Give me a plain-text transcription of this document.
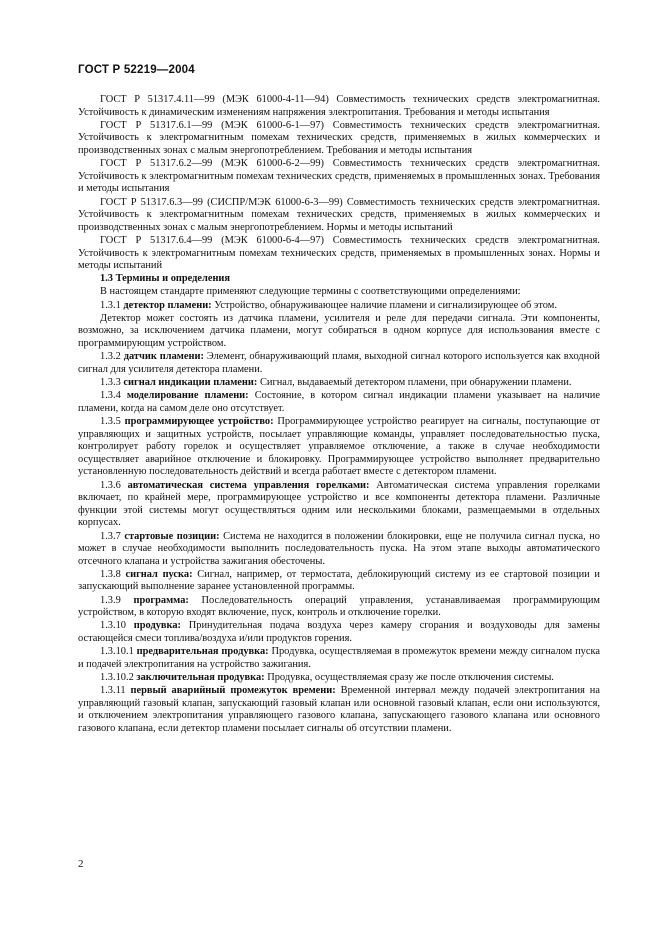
ГОСТ Р 52219—2004

ГОСТ Р 51317.4.11—99 (МЭК 61000-4-11—94) Совместимость технических средств электромагнитная. Устойчивость к динамическим изменениям напряжения электропитания. Требования и методы испытания

ГОСТ Р 51317.6.1—99 (МЭК 61000-6-1—97) Совместимость технических средств электромагнитная. Устойчивость к электромагнитным помехам технических средств, применяемых в жилых коммерческих и производственных зонах с малым энергопотреблением. Требования и методы испытания

ГОСТ Р 51317.6.2—99 (МЭК 61000-6-2—99) Совместимость технических средств электромагнитная. Устойчивость к электромагнитным помехам технических средств, применяемых в промышленных зонах. Требования и методы испытания

ГОСТ Р 51317.6.3—99 (СИСПР/МЭК 61000-6-3—99) Совместимость технических средств электромагнитная. Устойчивость к электромагнитным помехам технических средств, применяемых в жилых коммерческих и производственных зонах с малым энергопотреблением. Нормы и методы испытаний

ГОСТ Р 51317.6.4—99 (МЭК 61000-6-4—97) Совместимость технических средств электромагнитная. Устойчивость к электромагнитным помехам технических средств, применяемых в промышленных зонах. Нормы и методы испытаний

1.3 Термины и определения

В настоящем стандарте применяют следующие термины с соответствующими определениями:

1.3.1 детектор пламени: Устройство, обнаруживающее наличие пламени и сигнализирующее об этом.

Детектор может состоять из датчика пламени, усилителя и реле для передачи сигнала. Эти компоненты, возможно, за исключением датчика пламени, могут собираться в одном корпусе для использования вместе с программирующим устройством.

1.3.2 датчик пламени: Элемент, обнаруживающий пламя, выходной сигнал которого используется как входной сигнал для усилителя детектора пламени.

1.3.3 сигнал индикации пламени: Сигнал, выдаваемый детектором пламени, при обнаружении пламени.

1.3.4 моделирование пламени: Состояние, в котором сигнал индикации пламени указывает на наличие пламени, когда на самом деле оно отсутствует.

1.3.5 программирующее устройство: Программирующее устройство реагирует на сигналы, поступающие от управляющих и защитных устройств, посылает управляющие команды, управляет последовательностью пуска, контролирует работу горелок и осуществляет управляемое отключение, а также в случае необходимости осуществляет аварийное отключение и блокировку. Программирующее устройство выполняет предварительно установленную последовательность действий и всегда работает вместе с детектором пламени.

1.3.6 автоматическая система управления горелками: Автоматическая система управления горелками включает, по крайней мере, программирующее устройство и все компоненты детектора пламени. Различные функции этой системы могут осуществляться одним или несколькими блоками, размещаемыми в отдельных корпусах.

1.3.7 стартовые позиции: Система не находится в положении блокировки, еще не получила сигнал пуска, но может в случае необходимости выполнить последовательность пуска. На этом этапе выходы автоматического отсечного клапана и устройства зажигания обесточены.

1.3.8 сигнал пуска: Сигнал, например, от термостата, деблокирующий систему из ее стартовой позиции и запускающий выполнение заранее установленной программы.

1.3.9 программа: Последовательность операций управления, устанавливаемая программирующим устройством, в которую входят включение, пуск, контроль и отключение горелки.

1.3.10 продувка: Принудительная подача воздуха через камеру сгорания и воздуховоды для замены остающейся смеси топлива/воздуха и/или продуктов горения.

1.3.10.1 предварительная продувка: Продувка, осуществляемая в промежуток времени между сигналом пуска и подачей электропитания на устройство зажигания.

1.3.10.2 заключительная продувка: Продувка, осуществляемая сразу же после отключения системы.

1.3.11 первый аварийный промежуток времени: Временной интервал между подачей электропитания на управляющий газовый клапан, запускающий газовый клапан или основной газовый клапан, если они используются, и отключением электропитания управляющего газового клапана, запускающего газового клапана или основного газового клапана, если детектор пламени посылает сигналы об отсутствии пламени.

2
